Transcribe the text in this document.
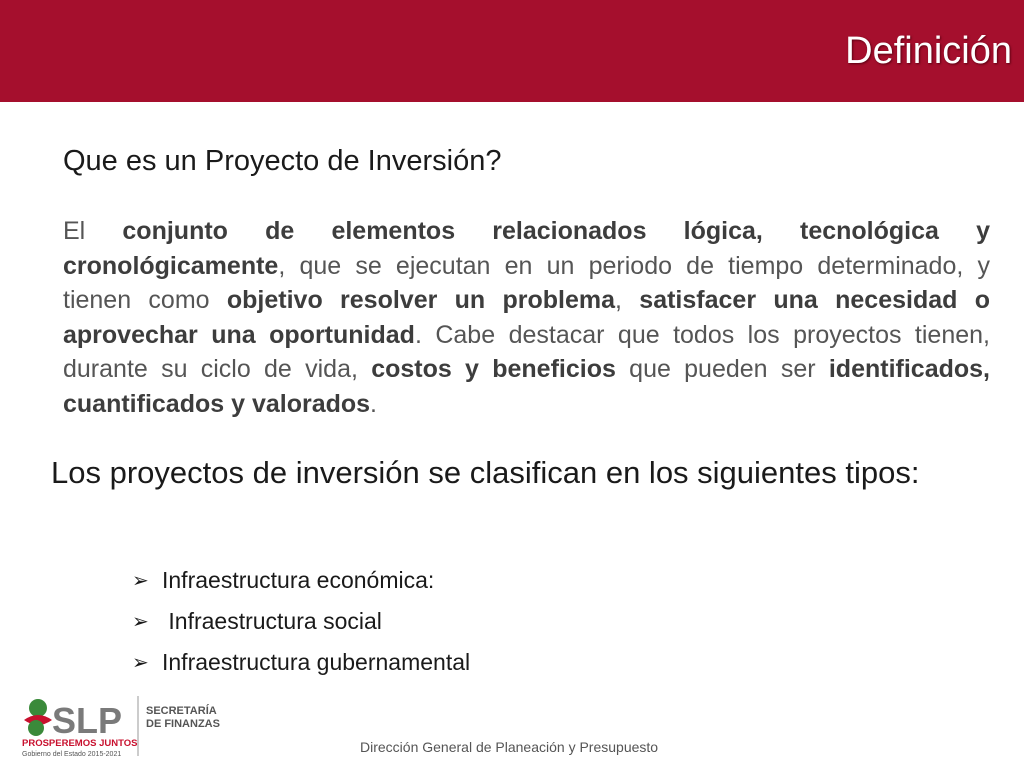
Definición
Que es un Proyecto de Inversión?

El conjunto de elementos relacionados lógica, tecnológica y cronológicamente, que se ejecutan en un periodo de tiempo determinado, y tienen como objetivo resolver un problema, satisfacer una necesidad o aprovechar una oportunidad. Cabe destacar que todos los proyectos tienen, durante su ciclo de vida, costos y beneficios que pueden ser identificados, cuantificados y valorados.

Los proyectos de inversión se clasifican en los siguientes tipos:

➢ Infraestructura económica:
➢ Infraestructura social
➢ Infraestructura gubernamental
SLP SECRETARÍA
DE FINANZAS
PROSPEREMOS JUNTOS
Gobierno del Estado 2015-2021	Dirección General de Planeación y Presupuesto
